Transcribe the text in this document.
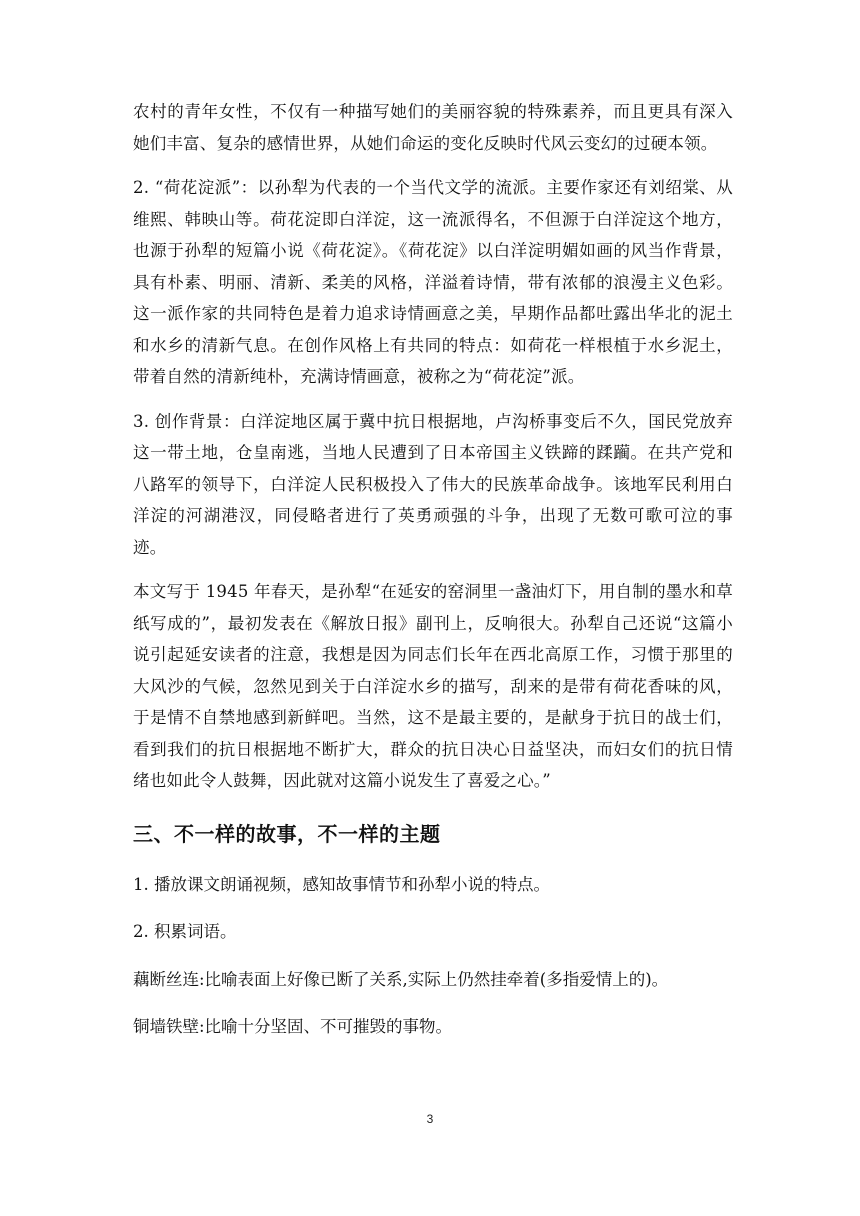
农村的青年女性，不仅有一种描写她们的美丽容貌的特殊素养，而且更具有深入她们丰富、复杂的感情世界，从她们命运的变化反映时代风云变幻的过硬本领。

2. “荷花淀派”：以孙犁为代表的一个当代文学的流派。主要作家还有刘绍棠、从维熙、韩映山等。荷花淀即白洋淀，这一流派得名，不但源于白洋淀这个地方，也源于孙犁的短篇小说《荷花淀》。《荷花淀》以白洋淀明媚如画的风当作背景，具有朴素、明丽、清新、柔美的风格，洋溢着诗情，带有浓郁的浪漫主义色彩。这一派作家的共同特色是着力追求诗情画意之美，早期作品都吐露出华北的泥土和水乡的清新气息。在创作风格上有共同的特点：如荷花一样根植于水乡泥土，带着自然的清新纯朴，充满诗情画意，被称之为“荷花淀”派。

3. 创作背景：白洋淀地区属于冀中抗日根据地，卢沟桥事变后不久，国民党放弃这一带土地，仓皇南逃，当地人民遭到了日本帝国主义铁蹄的蹂躏。在共产党和八路军的领导下，白洋淀人民积极投入了伟大的民族革命战争。该地军民利用白洋淀的河湖港汊，同侵略者进行了英勇顽强的斗争，出现了无数可歌可泣的事迹。

本文写于 1945 年春天，是孙犁“在延安的窑洞里一盏油灯下，用自制的墨水和草纸写成的”，最初发表在《解放日报》副刊上，反响很大。孙犁自己还说“这篇小说引起延安读者的注意，我想是因为同志们长年在西北高原工作，习惯于那里的大风沙的气候，忽然见到关于白洋淀水乡的描写，刮来的是带有荷花香味的风，于是情不自禁地感到新鲜吧。当然，这不是最主要的，是献身于抗日的战士们，看到我们的抗日根据地不断扩大，群众的抗日决心日益坚决，而妇女们的抗日情绪也如此令人鼓舞，因此就对这篇小说发生了喜爱之心。”

三、不一样的故事，不一样的主题

1. 播放课文朗诵视频，感知故事情节和孙犁小说的特点。

2. 积累词语。

藕断丝连:比喻表面上好像已断了关系,实际上仍然挂牵着(多指爱情上的)。

铜墙铁壁:比喻十分坚固、不可摧毁的事物。

3
